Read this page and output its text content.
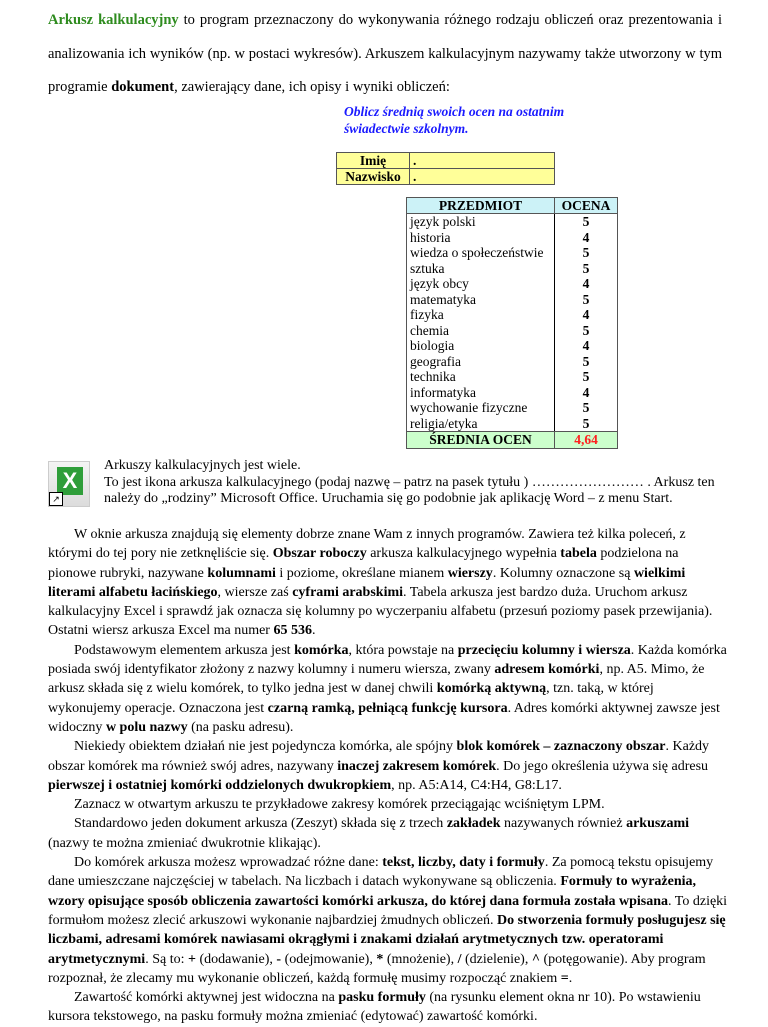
Arkusz kalkulacyjny to program przeznaczony do wykonywania różnego rodzaju obliczeń oraz prezentowania i analizowania ich wyników (np. w postaci wykresów). Arkuszem kalkulacyjnym nazywamy także utworzony w tym programie dokument, zawierający dane, ich opisy i wyniki obliczeń:
Oblicz średnią swoich ocen na ostatnim
świadectwie szkolnym.
Imię	.
Nazwisko	.
PRZEDMIOT	OCENA
język polski	5
historia	4
wiedza o społeczeństwie	5
sztuka	5
język obcy	4
matematyka	5
fizyka	4
chemia	5
biologia	4
geografia	5
technika	5
informatyka	4
wychowanie fizyczne	5
religia/etyka	5
ŚREDNIA OCEN	4,64
X
↗
Arkuszy kalkulacyjnych jest wiele.
To jest ikona arkusza kalkulacyjnego (podaj nazwę – patrz na pasek tytułu ) …………………… . Arkusz ten należy do „rodziny” Microsoft Office. Uruchamia się go podobnie jak aplikację Word – z menu Start.

W oknie arkusza znajdują się elementy dobrze znane Wam z innych programów. Zawiera też kilka poleceń, z którymi do tej pory nie zetknęliście się. Obszar roboczy arkusza kalkulacyjnego wypełnia tabela podzielona na pionowe rubryki, nazywane kolumnami i poziome, określane mianem wierszy. Kolumny oznaczone są wielkimi literami alfabetu łacińskiego, wiersze zaś cyframi arabskimi. Tabela arkusza jest bardzo duża. Uruchom arkusz kalkulacyjny Excel i sprawdź jak oznacza się kolumny po wyczerpaniu alfabetu (przesuń poziomy pasek przewijania). Ostatni wiersz arkusza Excel ma numer 65 536.

Podstawowym elementem arkusza jest komórka, która powstaje na przecięciu kolumny i wiersza. Każda komórka posiada swój identyfikator złożony z nazwy kolumny i numeru wiersza, zwany adresem komórki, np. A5. Mimo, że arkusz składa się z wielu komórek, to tylko jedna jest w danej chwili komórką aktywną, tzn. taką, w której wykonujemy operacje. Oznaczona jest czarną ramką, pełniącą funkcję kursora. Adres komórki aktywnej zawsze jest widoczny w polu nazwy (na pasku adresu).

Niekiedy obiektem działań nie jest pojedyncza komórka, ale spójny blok komórek – zaznaczony obszar. Każdy obszar komórek ma również swój adres, nazywany inaczej zakresem komórek. Do jego określenia używa się adresu pierwszej i ostatniej komórki oddzielonych dwukropkiem, np. A5:A14, C4:H4, G8:L17.

Zaznacz w otwartym arkuszu te przykładowe zakresy komórek przeciągając wciśniętym LPM.

Standardowo jeden dokument arkusza (Zeszyt) składa się z trzech zakładek nazywanych również arkuszami (nazwy te można zmieniać dwukrotnie klikając).

Do komórek arkusza możesz wprowadzać różne dane: tekst, liczby, daty i formuły. Za pomocą tekstu opisujemy dane umieszczane najczęściej w tabelach. Na liczbach i datach wykonywane są obliczenia. Formuły to wyrażenia, wzory opisujące sposób obliczenia zawartości komórki arkusza, do której dana formuła została wpisana. To dzięki formułom możesz zlecić arkuszowi wykonanie najbardziej żmudnych obliczeń. Do stworzenia formuły posługujesz się liczbami, adresami komórek nawiasami okrągłymi i znakami działań arytmetycznych tzw. operatorami arytmetycznymi. Są to: + (dodawanie), - (odejmowanie), * (mnożenie), / (dzielenie), ^ (potęgowanie). Aby program rozpoznał, że zlecamy mu wykonanie obliczeń, każdą formułę musimy rozpocząć znakiem =.

Zawartość komórki aktywnej jest widoczna na pasku formuły (na rysunku element okna nr 10). Po wstawieniu kursora tekstowego, na pasku formuły można zmieniać (edytować) zawartość komórki.
